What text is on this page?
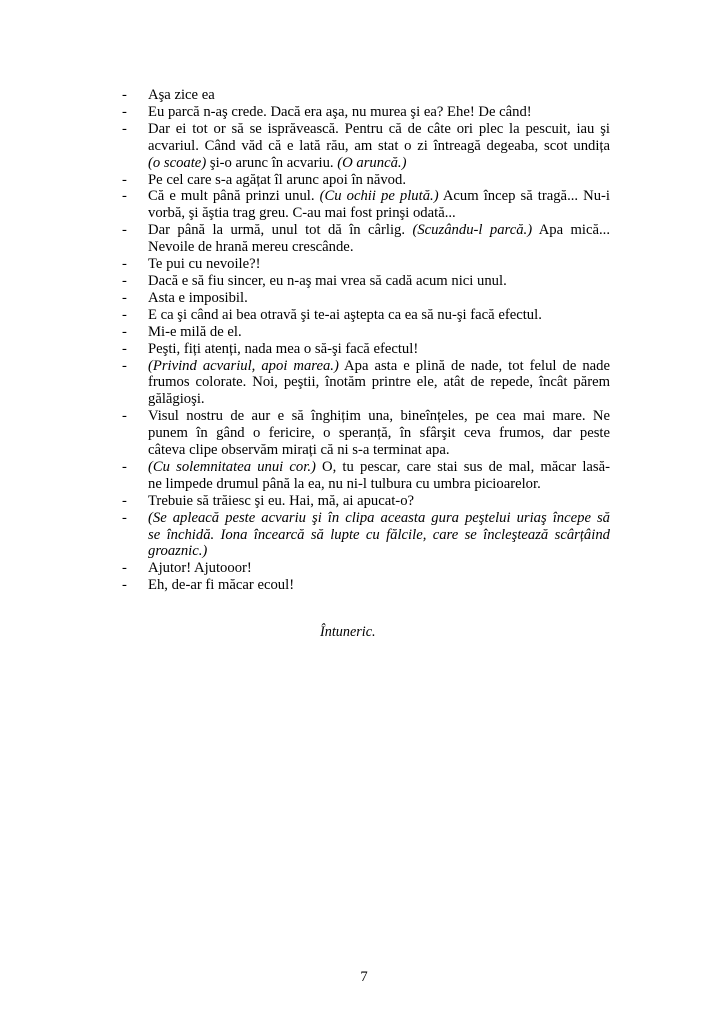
- Aşa zice ea
- Eu parcă n-aş crede. Dacă era aşa, nu murea şi ea? Ehe! De când!
- Dar ei tot or să se isprăvească. Pentru că de câte ori plec la pescuit, iau şi
acvariul. Când văd că e lată rău, am stat o zi întreagă degeaba, scot undița
(o scoate) şi-o arunc în acvariu. (O aruncă.)
- Pe cel care s-a agățat îl arunc apoi în năvod.
- Că e mult până prinzi unul. (Cu ochii pe plută.) Acum încep să tragă... Nu-i
vorbă, şi ăştia trag greu. C-au mai fost prinşi odată...
- Dar până la urmă, unul tot dă în cârlig. (Scuzându-l parcă.) Apa mică...
Nevoile de hrană mereu crescânde.
- Te pui cu nevoile?!
- Dacă e să fiu sincer, eu n-aş mai vrea să cadă acum nici unul.
- Asta e imposibil.
- E ca şi când ai bea otravă şi te-ai aştepta ca ea să nu-şi facă efectul.
- Mi-e milă de el.
- Peşti, fiți atenți, nada mea o să-şi facă efectul!
- (Privind acvariul, apoi marea.) Apa asta e plină de nade, tot felul de nade
frumos colorate. Noi, peştii, înotăm printre ele, atât de repede, încât părem
gălăgioşi.
- Visul nostru de aur e să înghițim una, bineînțeles, pe cea mai mare. Ne
punem în gând o fericire, o speranță, în sfârşit ceva frumos, dar peste
câteva clipe observăm mirați că ni s-a terminat apa.
- (Cu solemnitatea unui cor.) O, tu pescar, care stai sus de mal, măcar lasă-
ne limpede drumul până la ea, nu ni-l tulbura cu umbra picioarelor.
- Trebuie să trăiesc şi eu. Hai, mă, ai apucat-o?
- (Se apleacă peste acvariu şi în clipa aceasta gura peştelui uriaş începe să
se închidă. Iona încearcă să lupte cu fălcile, care se încleştează scârțâind
groaznic.)
- Ajutor! Ajutooor!
- Eh, de-ar fi măcar ecoul!
Întuneric.
7
